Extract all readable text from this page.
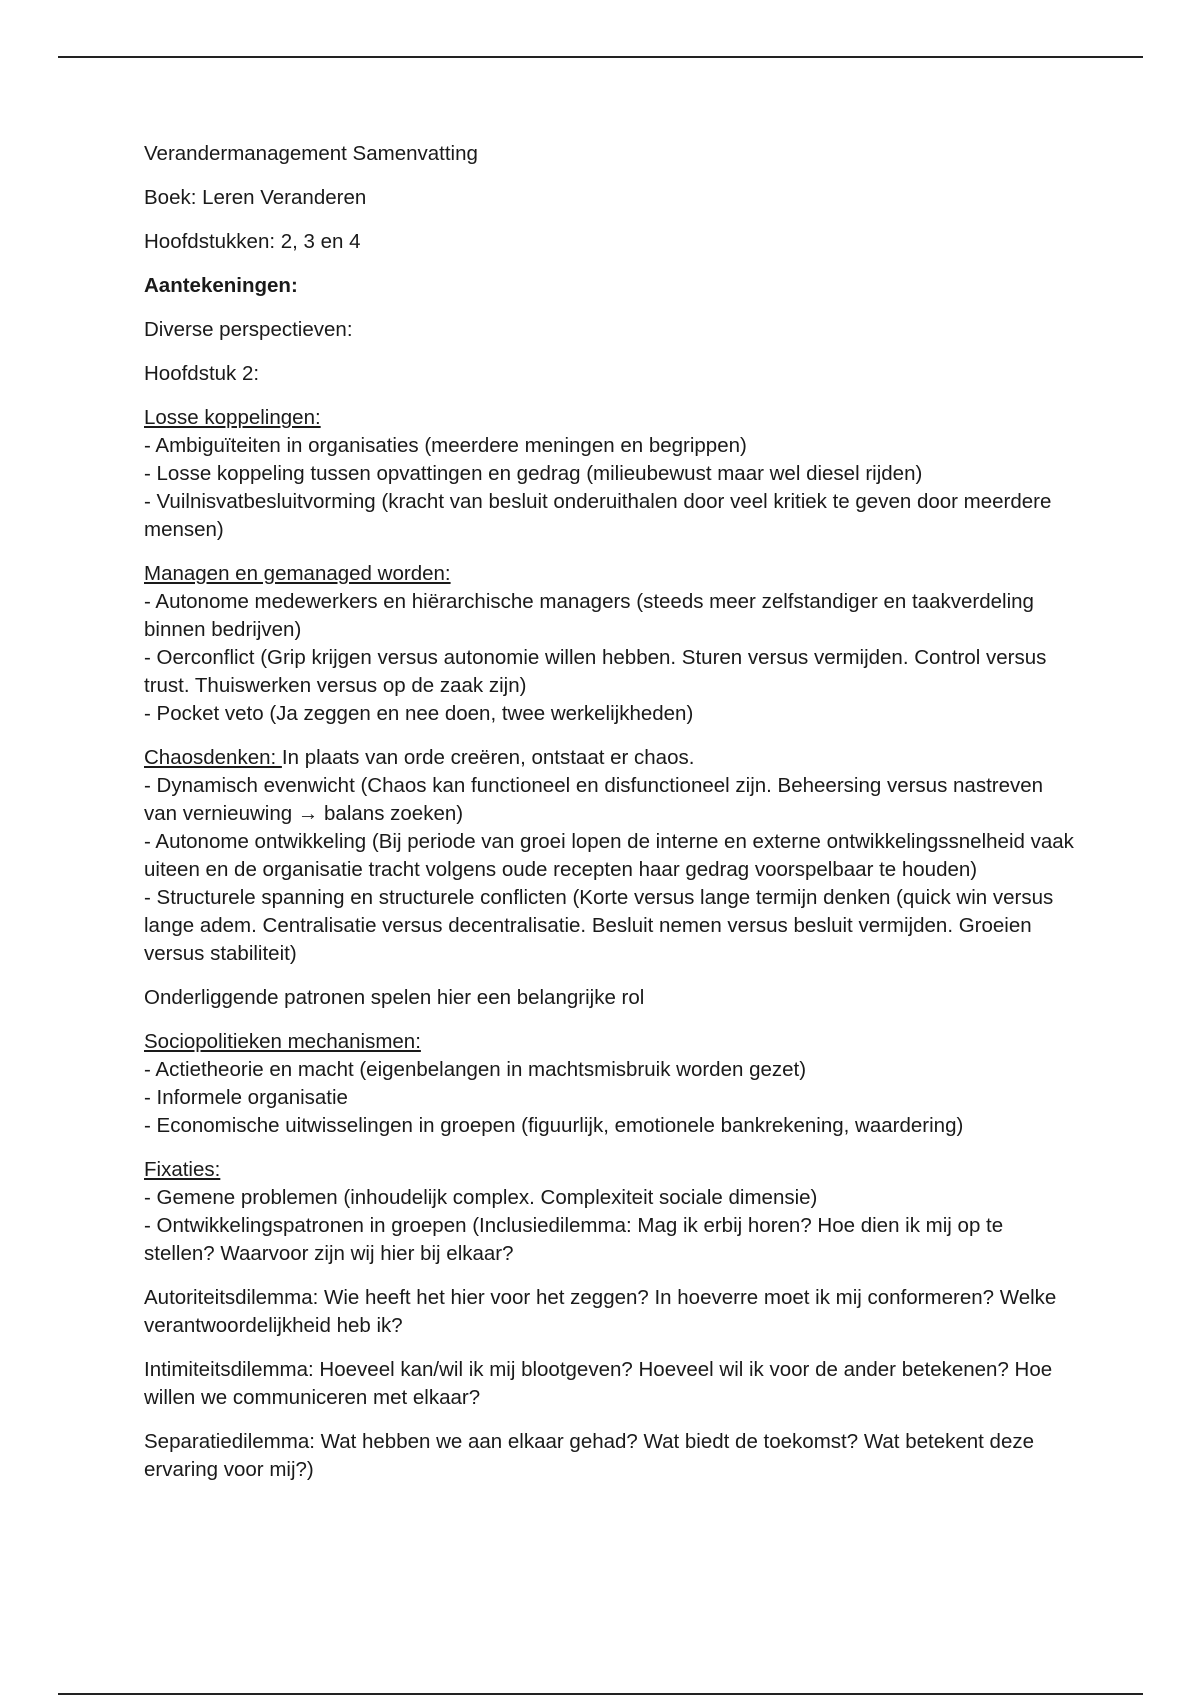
Verandermanagement Samenvatting

Boek: Leren Veranderen

Hoofdstukken: 2, 3 en 4

Aantekeningen:

Diverse perspectieven:

Hoofdstuk 2:

Losse koppelingen:
- Ambiguïteiten in organisaties (meerdere meningen en begrippen)
- Losse koppeling tussen opvattingen en gedrag (milieubewust maar wel diesel rijden)
- Vuilnisvatbesluitvorming (kracht van besluit onderuithalen door veel kritiek te geven door meerdere mensen)
Managen en gemanaged worden:
- Autonome medewerkers en hiërarchische managers (steeds meer zelfstandiger en taakverdeling binnen bedrijven)
- Oerconflict (Grip krijgen versus autonomie willen hebben. Sturen versus vermijden. Control versus trust. Thuiswerken versus op de zaak zijn)
- Pocket veto (Ja zeggen en nee doen, twee werkelijkheden)
Chaosdenken: In plaats van orde creëren, ontstaat er chaos.
- Dynamisch evenwicht (Chaos kan functioneel en disfunctioneel zijn. Beheersing versus nastreven van vernieuwing → balans zoeken)
- Autonome ontwikkeling (Bij periode van groei lopen de interne en externe ontwikkelingssnelheid vaak uiteen en de organisatie tracht volgens oude recepten haar gedrag voorspelbaar te houden)
- Structurele spanning en structurele conflicten (Korte versus lange termijn denken (quick win versus lange adem. Centralisatie versus decentralisatie. Besluit nemen versus besluit vermijden. Groeien versus stabiliteit)

Onderliggende patronen spelen hier een belangrijke rol

Sociopolitieken mechanismen:
- Actietheorie en macht (eigenbelangen in machtsmisbruik worden gezet)
- Informele organisatie
- Economische uitwisselingen in groepen (figuurlijk, emotionele bankrekening, waardering)
Fixaties:
- Gemene problemen (inhoudelijk complex. Complexiteit sociale dimensie)
- Ontwikkelingspatronen in groepen (Inclusiedilemma: Mag ik erbij horen? Hoe dien ik mij op te stellen? Waarvoor zijn wij hier bij elkaar?

Autoriteitsdilemma: Wie heeft het hier voor het zeggen? In hoeverre moet ik mij conformeren? Welke verantwoordelijkheid heb ik?

Intimiteitsdilemma: Hoeveel kan/wil ik mij blootgeven? Hoeveel wil ik voor de ander betekenen? Hoe willen we communiceren met elkaar?

Separatiedilemma: Wat hebben we aan elkaar gehad? Wat biedt de toekomst? Wat betekent deze ervaring voor mij?)
